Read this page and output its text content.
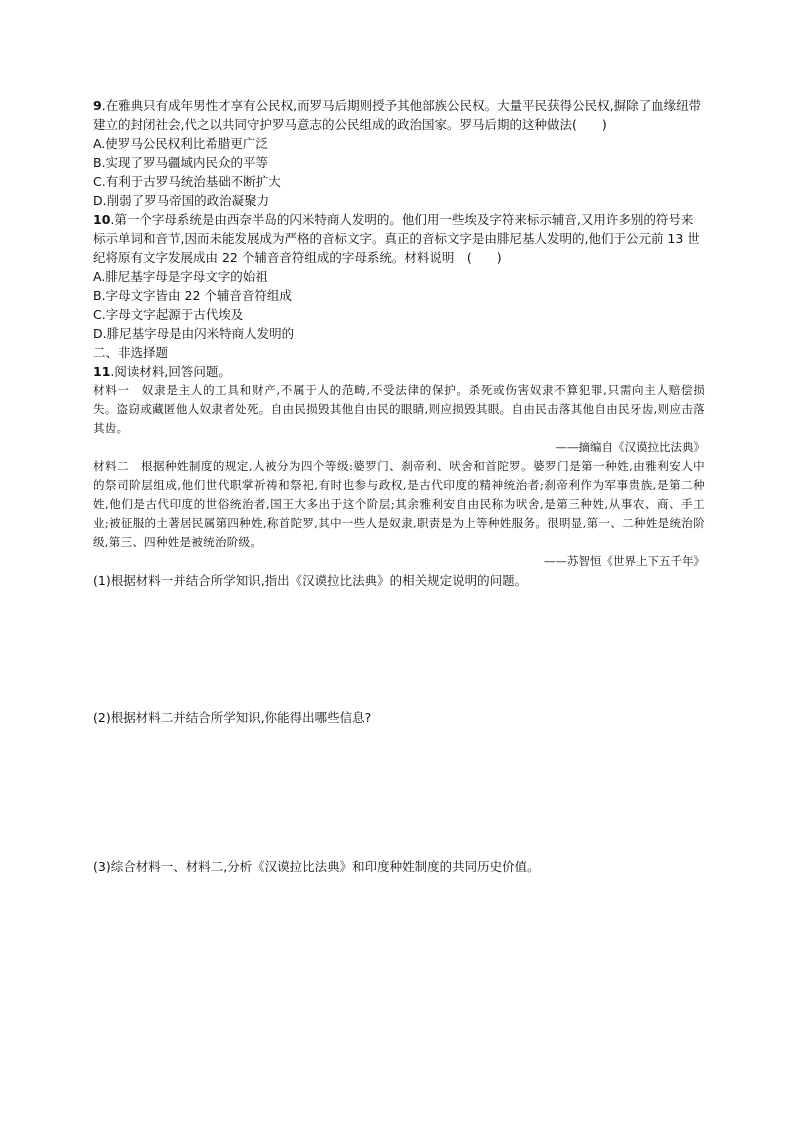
9.在雅典只有成年男性才享有公民权,而罗马后期则授予其他部族公民权。大量平民获得公民权,摒除了血缘纽带建立的封闭社会,代之以共同守护罗马意志的公民组成的政治国家。罗马后期的这种做法(　　)

A.使罗马公民权利比希腊更广泛

B.实现了罗马疆域内民众的平等

C.有利于古罗马统治基础不断扩大

D.削弱了罗马帝国的政治凝聚力

10.第一个字母系统是由西奈半岛的闪米特商人发明的。他们用一些埃及字符来标示辅音,又用许多别的符号来标示单词和音节,因而未能发展成为严格的音标文字。真正的音标文字是由腓尼基人发明的,他们于公元前 13 世纪将原有文字发展成由 22 个辅音音符组成的字母系统。材料说明　(　　)

A.腓尼基字母是字母文字的始祖

B.字母文字皆由 22 个辅音音符组成

C.字母文字起源于古代埃及

D.腓尼基字母是由闪米特商人发明的

二、非选择题

11.阅读材料,回答问题。

材料一　奴隶是主人的工具和财产,不属于人的范畴,不受法律的保护。杀死或伤害奴隶不算犯罪,只需向主人赔偿损失。盗窃或藏匿他人奴隶者处死。自由民损毁其他自由民的眼睛,则应损毁其眼。自由民击落其他自由民牙齿,则应击落其齿。

——摘编自《汉谟拉比法典》

材料二　根据种姓制度的规定,人被分为四个等级:婆罗门、刹帝利、吠舍和首陀罗。婆罗门是第一种姓,由雅利安人中的祭司阶层组成,他们世代职掌祈祷和祭祀,有时也参与政权,是古代印度的精神统治者;刹帝利作为军事贵族,是第二种姓,他们是古代印度的世俗统治者,国王大多出于这个阶层;其余雅利安自由民称为吠舍,是第三种姓,从事农、商、手工业;被征服的土著居民属第四种姓,称首陀罗,其中一些人是奴隶,职责是为上等种姓服务。很明显,第一、二种姓是统治阶级,第三、四种姓是被统治阶级。

——苏智恒《世界上下五千年》

(1)根据材料一并结合所学知识,指出《汉谟拉比法典》的相关规定说明的问题。

(2)根据材料二并结合所学知识,你能得出哪些信息?

(3)综合材料一、材料二,分析《汉谟拉比法典》和印度种姓制度的共同历史价值。
